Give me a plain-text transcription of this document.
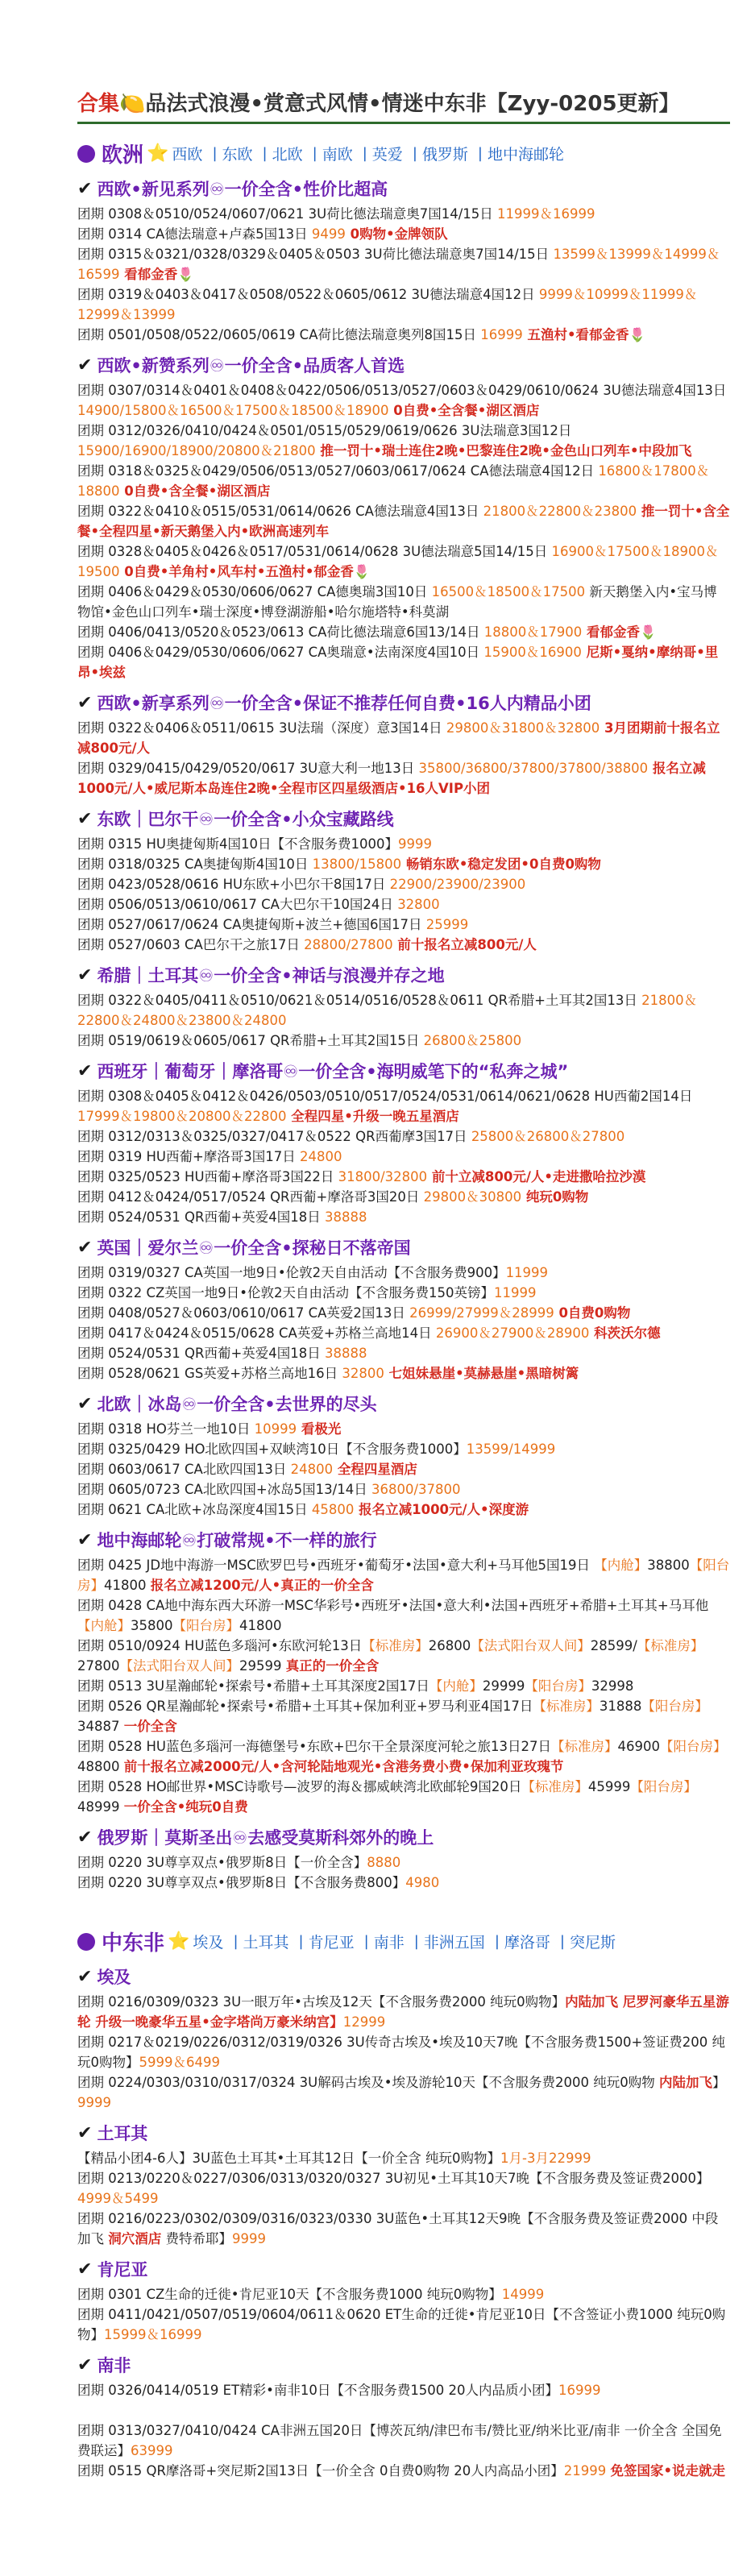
合集🍋品法式浪漫•赏意式风情•情迷中东非【Zyy-0205更新】
欧洲 ⭐ 西欧 | 东欧 | 北欧 | 南欧 | 英爱 | 俄罗斯 | 地中海邮轮
✔ 西欧•新见系列♾一价全含•性价比超高
团期 0308＆0510/0524/0607/0621 3U荷比德法瑞意奥7国14/15日 11999＆16999
团期 0314 CA德法瑞意+卢森5国13日 9499 0购物•金牌领队
团期 0315＆0321/0328/0329＆0405＆0503 3U荷比德法瑞意奥7国14/15日 13599＆13999＆14999＆16599 看郁金香🌷
团期 0319＆0403＆0417＆0508/0522＆0605/0612 3U德法瑞意4国12日 9999＆10999＆11999＆12999＆13999
团期 0501/0508/0522/0605/0619 CA荷比德法瑞意奥列8国15日 16999 五渔村•看郁金香🌷
✔ 西欧•新赞系列♾一价全含•品质客人首选
团期 0307/0314＆0401＆0408＆0422/0506/0513/0527/0603＆0429/0610/0624 3U德法瑞意4国13日 14900/15800＆16500＆17500＆18500＆18900 0自费•全含餐•湖区酒店
团期 0312/0326/0410/0424＆0501/0515/0529/0619/0626 3U法瑞意3国12日 15900/16900/18900/20800＆21800 推一罚十•瑞士连住2晚•巴黎连住2晚•金色山口列车•中段加飞
团期 0318＆0325＆0429/0506/0513/0527/0603/0617/0624 CA德法瑞意4国12日 16800＆17800＆18800 0自费•含全餐•湖区酒店
团期 0322＆0410＆0515/0531/0614/0626 CA德法瑞意4国13日 21800＆22800＆23800 推一罚十•含全餐•全程四星•新天鹅堡入内•欧洲高速列车
团期 0328＆0405＆0426＆0517/0531/0614/0628 3U德法瑞意5国14/15日 16900＆17500＆18900＆19500 0自费•羊角村•风车村•五渔村•郁金香🌷
团期 0406＆0429＆0530/0606/0627 CA德奥瑞3国10日 16500＆18500＆17500 新天鹅堡入内•宝马博物馆•金色山口列车•瑞士深度•博登湖游船•哈尔施塔特•科莫湖
团期 0406/0413/0520＆0523/0613 CA荷比德法瑞意6国13/14日 18800＆17900 看郁金香🌷
团期 0406＆0429/0530/0606/0627 CA奥瑞意•法南深度4国10日 15900＆16900 尼斯•戛纳•摩纳哥•里昂•埃兹
✔ 西欧•新享系列♾一价全含•保证不推荐任何自费•16人内精品小团
团期 0322＆0406＆0511/0615 3U法瑞（深度）意3国14日 29800＆31800＆32800 3月团期前十报名立减800元/人
团期 0329/0415/0429/0520/0617 3U意大利一地13日 35800/36800/37800/37800/38800 报名立减1000元/人•威尼斯本岛连住2晚•全程市区四星级酒店•16人VIP小团
✔ 东欧｜巴尔干♾一价全含•小众宝藏路线
团期 0315 HU奥捷匈斯4国10日【不含服务费1000】9999
团期 0318/0325 CA奥捷匈斯4国10日 13800/15800 畅销东欧•稳定发团•0自费0购物
团期 0423/0528/0616 HU东欧+小巴尔干8国17日 22900/23900/23900
团期 0506/0513/0610/0617 CA大巴尔干10国24日 32800
团期 0527/0617/0624 CA奥捷匈斯+波兰+德国6国17日 25999
团期 0527/0603 CA巴尔干之旅17日 28800/27800 前十报名立减800元/人
✔ 希腊｜土耳其♾一价全含•神话与浪漫并存之地
团期 0322＆0405/0411＆0510/0621＆0514/0516/0528＆0611 QR希腊+土耳其2国13日 21800＆22800＆24800＆23800＆24800
团期 0519/0619＆0605/0617 QR希腊+土耳其2国15日 26800＆25800
✔ 西班牙｜葡萄牙｜摩洛哥♾一价全含•海明威笔下的“私奔之城”
团期 0308＆0405＆0412＆0426/0503/0510/0517/0524/0531/0614/0621/0628 HU西葡2国14日 17999＆19800＆20800＆22800 全程四星•升级一晚五星酒店
团期 0312/0313＆0325/0327/0417＆0522 QR西葡摩3国17日 25800＆26800＆27800
团期 0319 HU西葡+摩洛哥3国17日 24800
团期 0325/0523 HU西葡+摩洛哥3国22日 31800/32800 前十立减800元/人•走进撒哈拉沙漠
团期 0412＆0424/0517/0524 QR西葡+摩洛哥3国20日 29800＆30800 纯玩0购物
团期 0524/0531 QR西葡+英爱4国18日 38888
✔ 英国｜爱尔兰♾一价全含•探秘日不落帝国
团期 0319/0327 CA英国一地9日•伦敦2天自由活动【不含服务费900】11999
团期 0322 CZ英国一地9日•伦敦2天自由活动【不含服务费150英镑】11999
团期 0408/0527＆0603/0610/0617 CA英爱2国13日 26999/27999＆28999 0自费0购物
团期 0417＆0424＆0515/0628 CA英爱+苏格兰高地14日 26900＆27900＆28900 科茨沃尔德
团期 0524/0531 QR西葡+英爱4国18日 38888
团期 0528/0621 GS英爱+苏格兰高地16日 32800 七姐妹悬崖•莫赫悬崖•黑暗树篱
✔ 北欧｜冰岛♾一价全含•去世界的尽头
团期 0318 HO芬兰一地10日 10999 看极光
团期 0325/0429 HO北欧四国+双峡湾10日【不含服务费1000】13599/14999
团期 0603/0617 CA北欧四国13日 24800 全程四星酒店
团期 0605/0723 CA北欧四国+冰岛5国13/14日 36800/37800
团期 0621 CA北欧+冰岛深度4国15日 45800 报名立减1000元/人•深度游
✔ 地中海邮轮♾打破常规•不一样的旅行
团期 0425 JD地中海游一MSC欧罗巴号•西班牙•葡萄牙•法国•意大利+马耳他5国19日 【内舱】38800【阳台房】41800 报名立减1200元/人•真正的一价全含
团期 0428 CA地中海东西大环游一MSC华彩号•西班牙•法国•意大利•法国+西班牙+希腊+土耳其+马耳他【内舱】35800【阳台房】41800
团期 0510/0924 HU蓝色多瑙河•东欧河轮13日【标准房】26800【法式阳台双人间】28599/【标准房】27800【法式阳台双人间】29599 真正的一价全含
团期 0513 3U星瀚邮轮•探索号•希腊+土耳其深度2国17日【内舱】29999【阳台房】32998
团期 0526 QR星瀚邮轮•探索号•希腊+土耳其+保加利亚+罗马利亚4国17日【标准房】31888【阳台房】34887 一价全含
团期 0528 HU蓝色多瑙河一海德堡号•东欧+巴尔干全景深度河轮之旅13日27日【标准房】46900【阳台房】48800 前十报名立减2000元/人•含河轮陆地观光•含港务费小费•保加利亚玫瑰节
团期 0528 HO邮世界•MSC诗歌号—波罗的海＆挪威峡湾北欧邮轮9国20日【标准房】45999【阳台房】48999 一价全含•纯玩0自费
✔ 俄罗斯｜莫斯圣出♾去感受莫斯科郊外的晚上
团期 0220 3U尊享双点•俄罗斯8日【一价全含】8880
团期 0220 3U尊享双点•俄罗斯8日【不含服务费800】4980
中东非 ⭐ 埃及 | 土耳其 | 肯尼亚 | 南非 | 非洲五国 | 摩洛哥 | 突尼斯
✔ 埃及
团期 0216/0309/0323 3U一眼万年•古埃及12天【不含服务费2000 纯玩0购物】内陆加飞 尼罗河豪华五星游轮 升级一晚豪华五星•金字塔尚万豪米纳宫】12999
团期 0217＆0219/0226/0312/0319/0326 3U传奇古埃及•埃及10天7晚【不含服务费1500+签证费200 纯玩0购物】5999＆6499
团期 0224/0303/0310/0317/0324 3U解码古埃及•埃及游轮10天【不含服务费2000 纯玩0购物 内陆加飞】9999
✔ 土耳其
【精品小团4-6人】3U蓝色土耳其•土耳其12日【一价全含 纯玩0购物】1月-3月22999
团期 0213/0220＆0227/0306/0313/0320/0327 3U初见•土耳其10天7晚【不含服务费及签证费2000】4999＆5499
团期 0216/0223/0302/0309/0316/0323/0330 3U蓝色•土耳其12天9晚【不含服务费及签证费2000 中段加飞 洞穴酒店 费特希耶】9999
✔ 肯尼亚
团期 0301 CZ生命的迁徙•肯尼亚10天【不含服务费1000 纯玩0购物】14999
团期 0411/0421/0507/0519/0604/0611＆0620 ET生命的迁徙•肯尼亚10日【不含签证小费1000 纯玩0购物】15999＆16999
✔ 南非
团期 0326/0414/0519 ET精彩•南非10日【不含服务费1500 20人内品质小团】16999

团期 0313/0327/0410/0424 CA非洲五国20日【博茨瓦纳/津巴布韦/赞比亚/纳米比亚/南非 一价全含 全国免费联运】63999
团期 0515 QR摩洛哥+突尼斯2国13日【一价全含 0自费0购物 20人内高品小团】21999 免签国家•说走就走
